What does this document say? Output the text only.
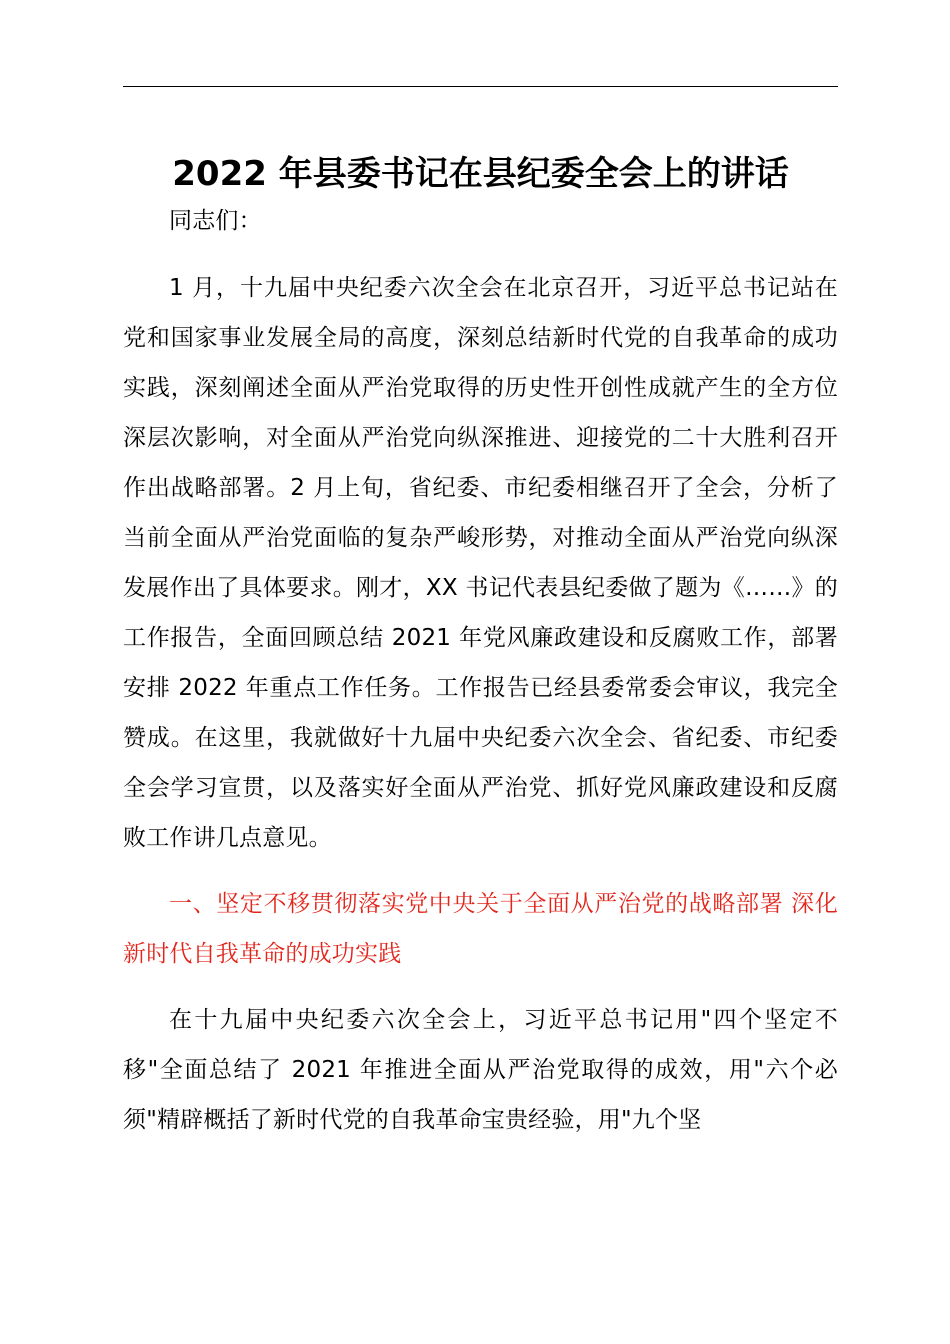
2022 年县委书记在县纪委全会上的讲话

同志们：

1 月，十九届中央纪委六次全会在北京召开，习近平总书记站在党和国家事业发展全局的高度，深刻总结新时代党的自我革命的成功实践，深刻阐述全面从严治党取得的历史性开创性成就产生的全方位深层次影响，对全面从严治党向纵深推进、迎接党的二十大胜利召开作出战略部署。2 月上旬，省纪委、市纪委相继召开了全会，分析了当前全面从严治党面临的复杂严峻形势，对推动全面从严治党向纵深发展作出了具体要求。刚才，XX 书记代表县纪委做了题为《……》的工作报告，全面回顾总结 2021 年党风廉政建设和反腐败工作，部署安排 2022 年重点工作任务。工作报告已经县委常委会审议，我完全赞成。在这里，我就做好十九届中央纪委六次全会、省纪委、市纪委全会学习宣贯，以及落实好全面从严治党、抓好党风廉政建设和反腐败工作讲几点意见。

一、坚定不移贯彻落实党中央关于全面从严治党的战略部署 深化新时代自我革命的成功实践

在十九届中央纪委六次全会上，习近平总书记用"四个坚定不移"全面总结了 2021 年推进全面从严治党取得的成效，用"六个必须"精辟概括了新时代党的自我革命宝贵经验，用"九个坚
